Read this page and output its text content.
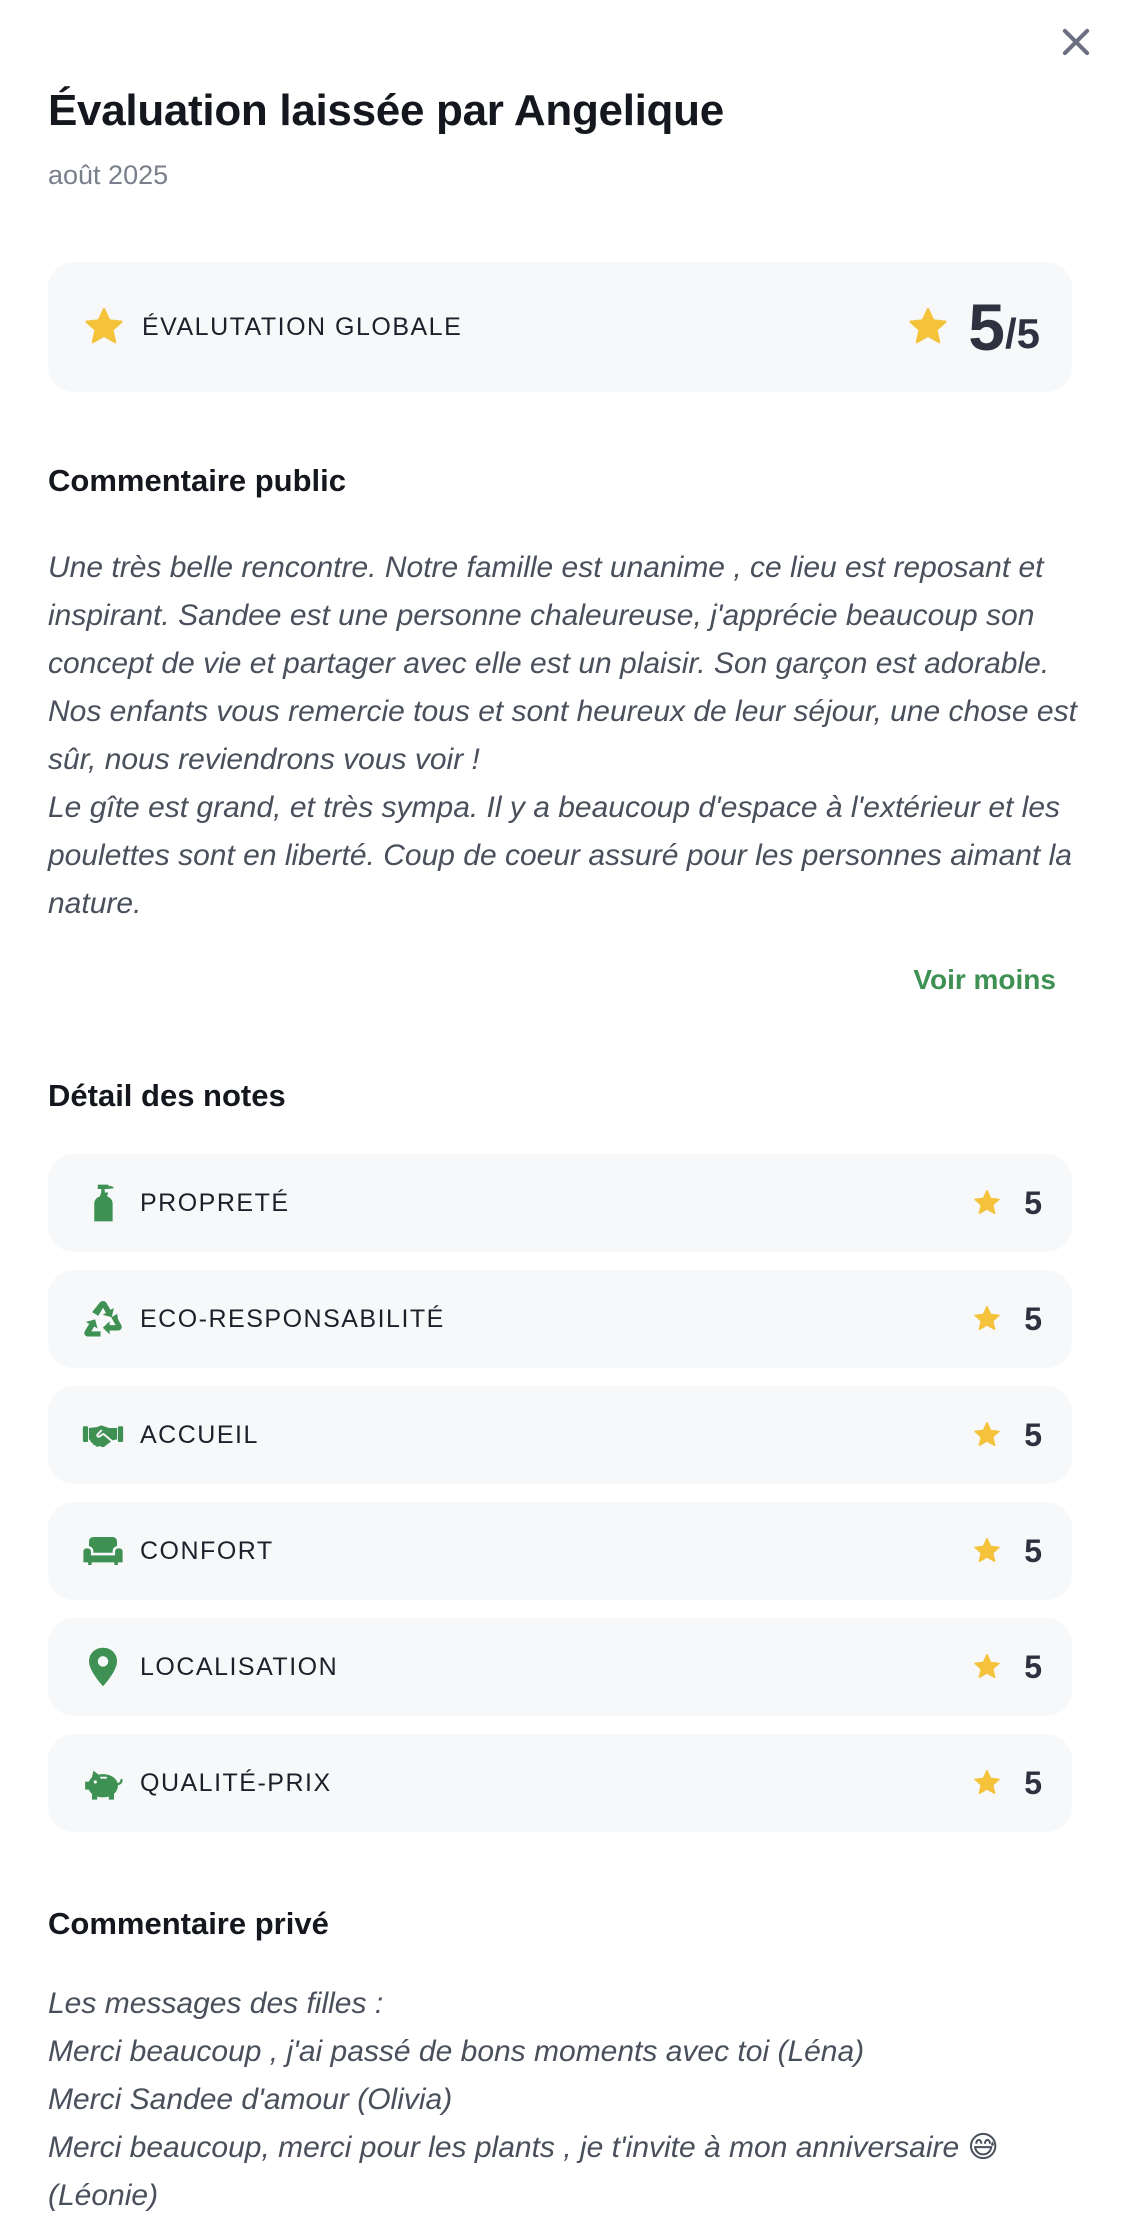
Évaluation laissée par Angelique
août 2025
ÉVALUTATION GLOBALE	5 /5
Commentaire public
Une très belle rencontre. Notre famille est unanime , ce lieu est reposant et inspirant. Sandee est une personne chaleureuse, j'apprécie beaucoup son concept de vie et partager avec elle est un plaisir. Son garçon est adorable. Nos enfants vous remercie tous et sont heureux de leur séjour, une chose est sûr, nous reviendrons vous voir !
Le gîte est grand, et très sympa. Il y a beaucoup d'espace à l'extérieur et les poulettes sont en liberté. Coup de coeur assuré pour les personnes aimant la nature.
Voir moins
Détail des notes
PROPRETÉ	5
ECO-RESPONSABILITÉ	5
ACCUEIL	5
CONFORT	5
LOCALISATION	5
QUALITÉ-PRIX	5
Commentaire privé
Les messages des filles :
Merci beaucoup , j'ai passé de bons moments avec toi (Léna)
Merci Sandee d'amour (Olivia)
Merci beaucoup, merci pour les plants , je t'invite à mon anniversaire 😅
(Léonie)
